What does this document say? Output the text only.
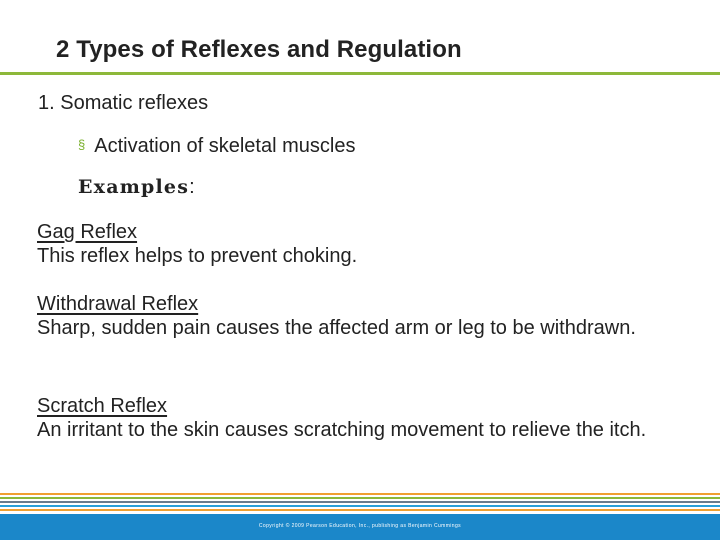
2 Types of Reflexes and Regulation
1. Somatic reflexes
§ Activation of skeletal muscles
Examples:
Gag Reflex
This reflex helps to prevent choking.
Withdrawal Reflex
Sharp, sudden pain causes the affected arm or leg to be withdrawn.
Scratch Reflex
An irritant to the skin causes scratching movement to relieve the itch.
Copyright © 2009 Pearson Education, Inc., publishing as Benjamin Cummings
